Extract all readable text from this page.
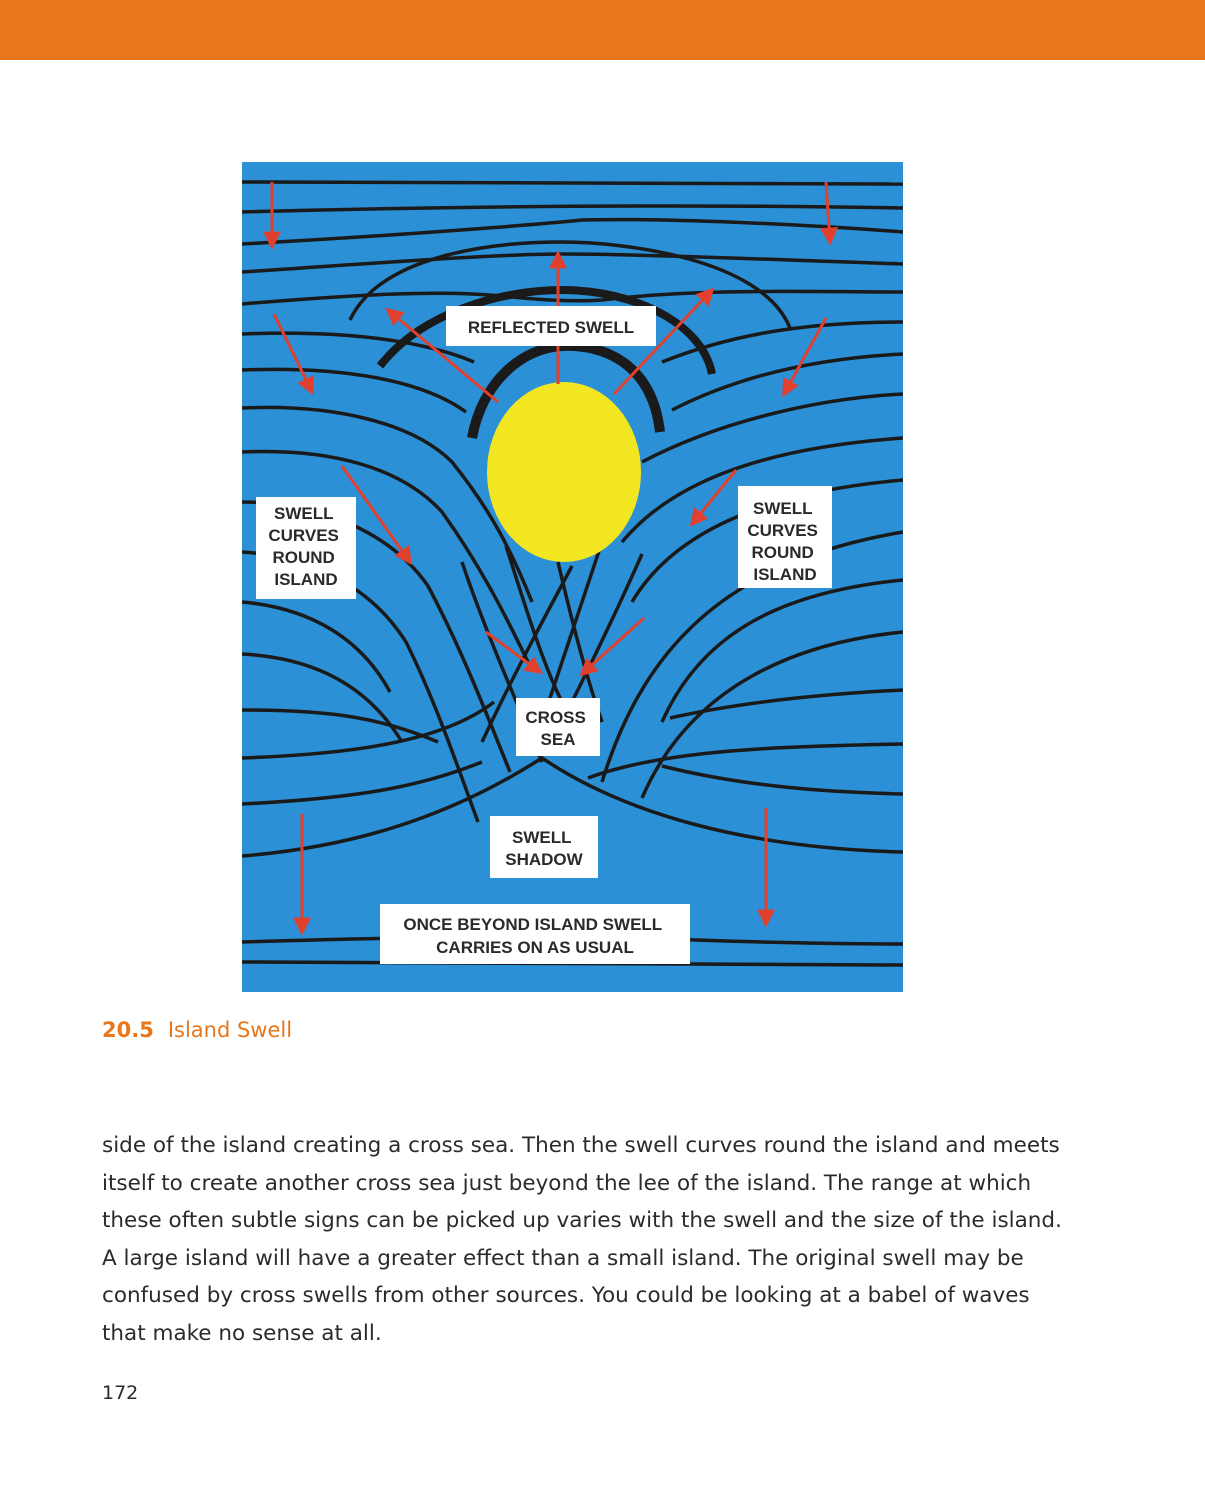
REFLECTED SWELL
SWELL CURVES ROUND ISLAND
SWELL CURVES ROUND ISLAND
CROSS SEA
SWELL SHADOW
ONCE BEYOND ISLAND SWELL CARRIES ON AS USUAL
20.5 Island Swell

side of the island creating a cross sea. Then the swell curves round the island and meets itself to create another cross sea just beyond the lee of the island. The range at which these often subtle signs can be picked up varies with the swell and the size of the island. A large island will have a greater effect than a small island. The original swell may be confused by cross swells from other sources. You could be looking at a babel of waves that make no sense at all.

172
